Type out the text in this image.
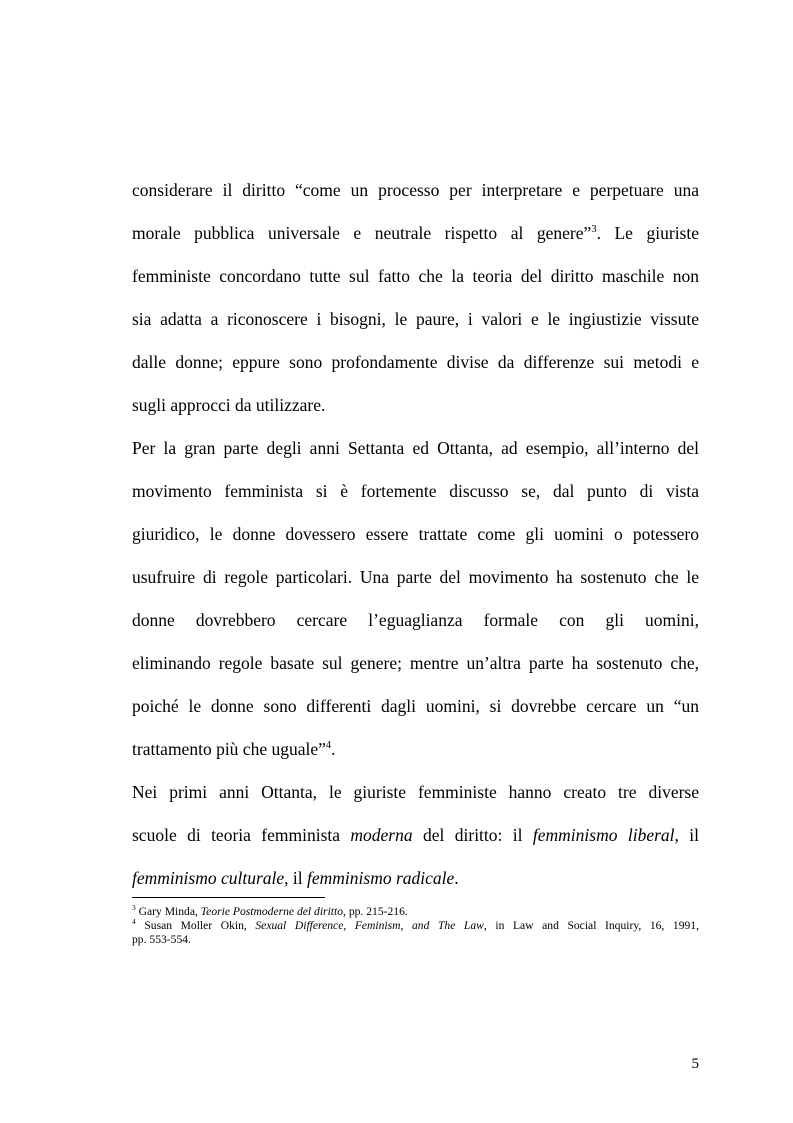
considerare il diritto “come un processo per interpretare e perpetuare una
morale pubblica universale e neutrale rispetto al genere”$^3$. Le giuriste
femministe concordano tutte sul fatto che la teoria del diritto maschile non
sia adatta a riconoscere i bisogni, le paure, i valori e le ingiustizie vissute
dalle donne; eppure sono profondamente divise da differenze sui metodi e
sugli approcci da utilizzare.
Per la gran parte degli anni Settanta ed Ottanta, ad esempio, all’interno del
movimento femminista si è fortemente discusso se, dal punto di vista
giuridico, le donne dovessero essere trattate come gli uomini o potessero
usufruire di regole particolari. Una parte del movimento ha sostenuto che le
donne dovrebbero cercare l’eguaglianza formale con gli uomini,
eliminando regole basate sul genere; mentre un’altra parte ha sostenuto che,
poiché le donne sono differenti dagli uomini, si dovrebbe cercare un “un
trattamento più che uguale”$^4$.
Nei primi anni Ottanta, le giuriste femministe hanno creato tre diverse
scuole di teoria femminista moderna del diritto: il femminismo liberal, il
femminismo culturale, il femminismo radicale.
$^3$ Gary Minda, Teorie Postmoderne del diritto, pp. 215-216.
$^4$ Susan Moller Okin, Sexual Difference, Feminism, and The Law, in Law and Social Inquiry, 16, 1991,
pp. 553-554.
5
